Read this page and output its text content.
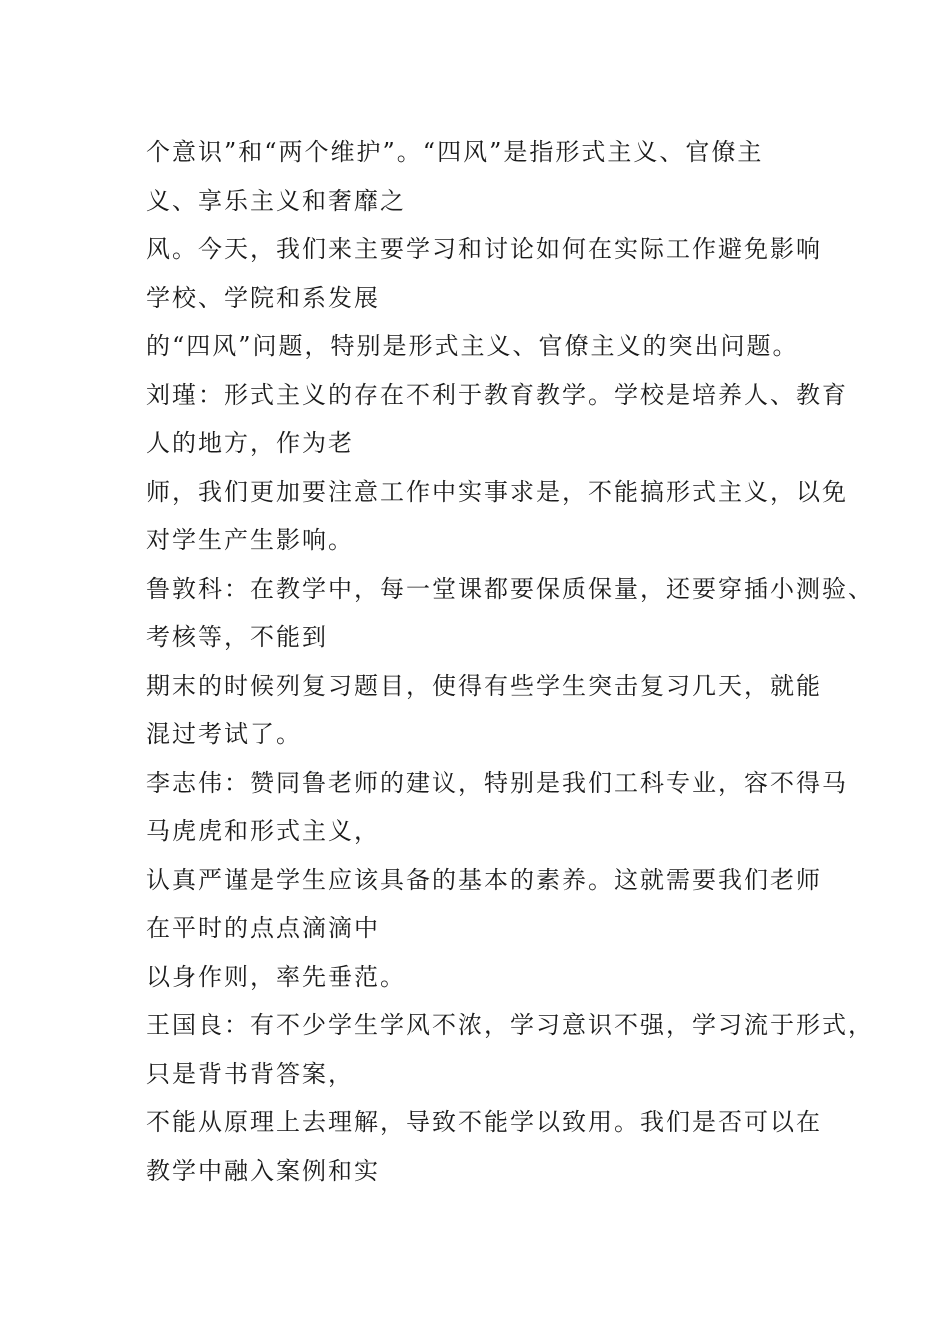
个意识”和“两个维护”。“四风”是指形式主义、官僚主
义、享乐主义和奢靡之
风。今天，我们来主要学习和讨论如何在实际工作避免影响
学校、学院和系发展
的“四风”问题，特别是形式主义、官僚主义的突出问题。
刘瑾：形式主义的存在不利于教育教学。学校是培养人、教育
人的地方，作为老
师，我们更加要注意工作中实事求是，不能搞形式主义，以免
对学生产生影响。
鲁敦科：在教学中，每一堂课都要保质保量，还要穿插小测验、
考核等，不能到
期末的时候列复习题目，使得有些学生突击复习几天，就能
混过考试了。
李志伟：赞同鲁老师的建议，特别是我们工科专业，容不得马
马虎虎和形式主义，
认真严谨是学生应该具备的基本的素养。这就需要我们老师
在平时的点点滴滴中
以身作则，率先垂范。
王国良：有不少学生学风不浓，学习意识不强，学习流于形式，
只是背书背答案，
不能从原理上去理解，导致不能学以致用。我们是否可以在
教学中融入案例和实
